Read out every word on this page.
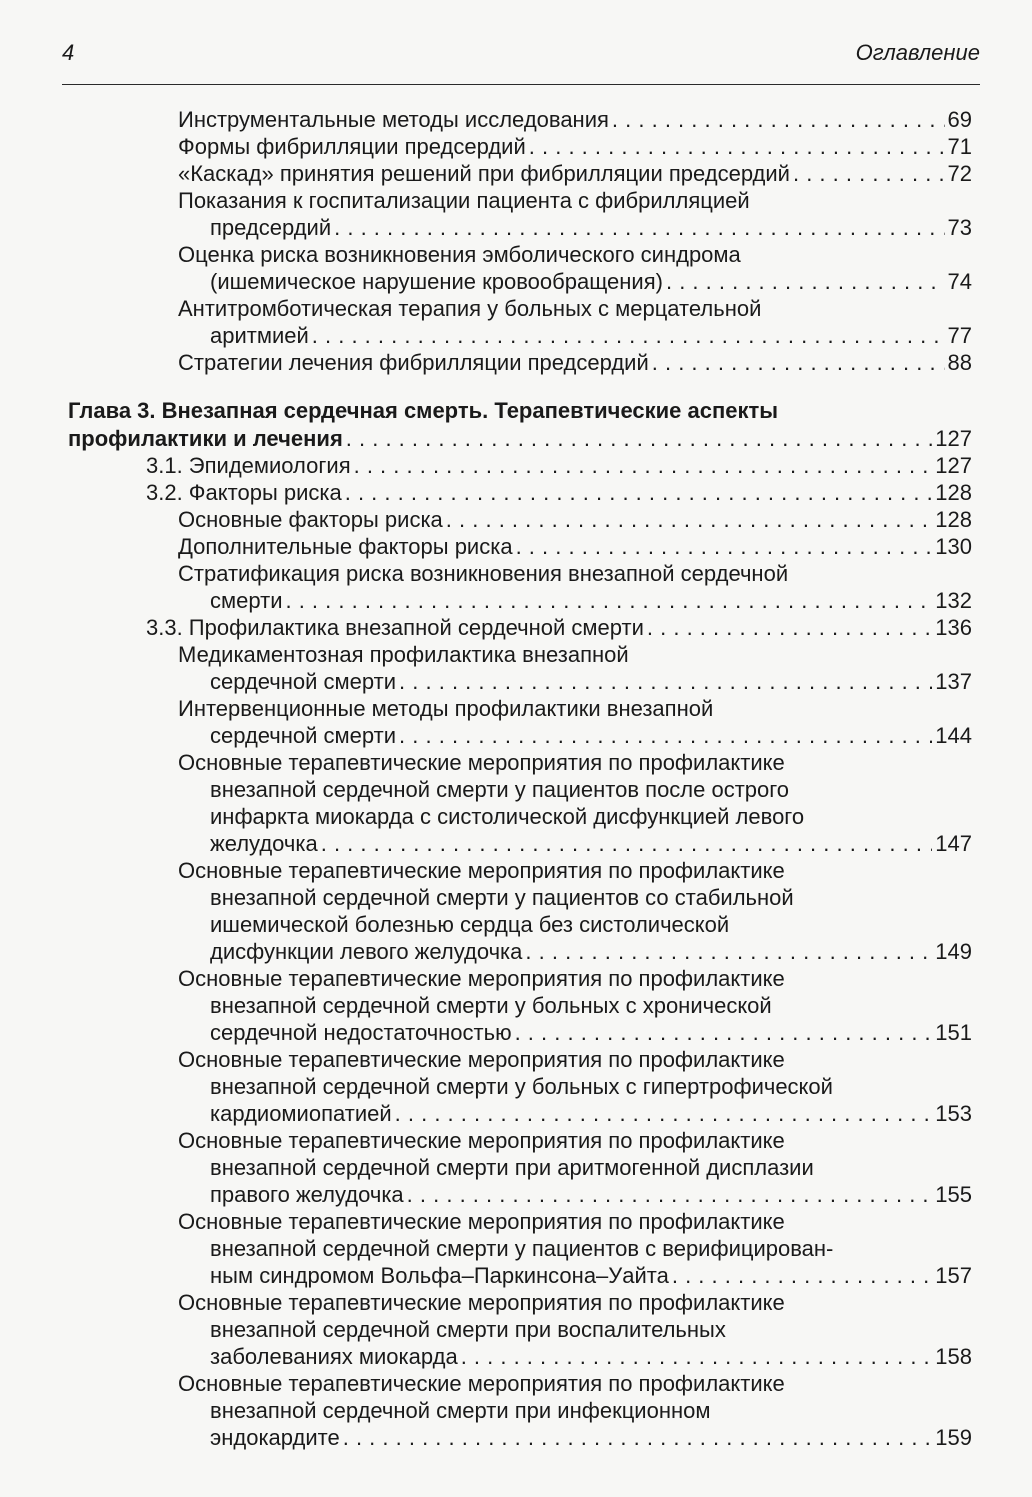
4	Оглавление
Инструментальные методы исследования . . .	69
Формы фибрилляции предсердий . . .	71
«Каскад» принятия решений при фибрилляции предсердий . . .	72
Показания к госпитализации пациента с фибрилляцией
предсердий . . .	73
Оценка риска возникновения эмболического синдрома
(ишемическое нарушение кровообращения) . . .	74
Антитромботическая терапия у больных с мерцательной
аритмией . . .	77
Стратегии лечения фибрилляции предсердий . . .	88
Глава 3. Внезапная сердечная смерть. Терапевтические аспекты
профилактики и лечения . . .	127
3.1. Эпидемиология . . .	127
3.2. Факторы риска . . .	128
Основные факторы риска . . .	128
Дополнительные факторы риска . . .	130
Стратификация риска возникновения внезапной сердечной
смерти . . .	132
3.3. Профилактика внезапной сердечной смерти . . .	136
Медикаментозная профилактика внезапной
сердечной смерти . . .	137
Интервенционные методы профилактики внезапной
сердечной смерти . . .	144
Основные терапевтические мероприятия по профилактике
внезапной сердечной смерти у пациентов после острого
инфаркта миокарда с систолической дисфункцией левого
желудочка . . .	147
Основные терапевтические мероприятия по профилактике
внезапной сердечной смерти у пациентов со стабильной
ишемической болезнью сердца без систолической
дисфункции левого желудочка . . .	149
Основные терапевтические мероприятия по профилактике
внезапной сердечной смерти у больных с хронической
сердечной недостаточностью . . .	151
Основные терапевтические мероприятия по профилактике
внезапной сердечной смерти у больных с гипертрофической
кардиомиопатией . . .	153
Основные терапевтические мероприятия по профилактике
внезапной сердечной смерти при аритмогенной дисплазии
правого желудочка . . .	155
Основные терапевтические мероприятия по профилактике
внезапной сердечной смерти у пациентов с верифицирован-
ным синдромом Вольфа–Паркинсона–Уайта . . .	157
Основные терапевтические мероприятия по профилактике
внезапной сердечной смерти при воспалительных
заболеваниях миокарда . . .	158
Основные терапевтические мероприятия по профилактике
внезапной сердечной смерти при инфекционном
эндокардите . . .	159
